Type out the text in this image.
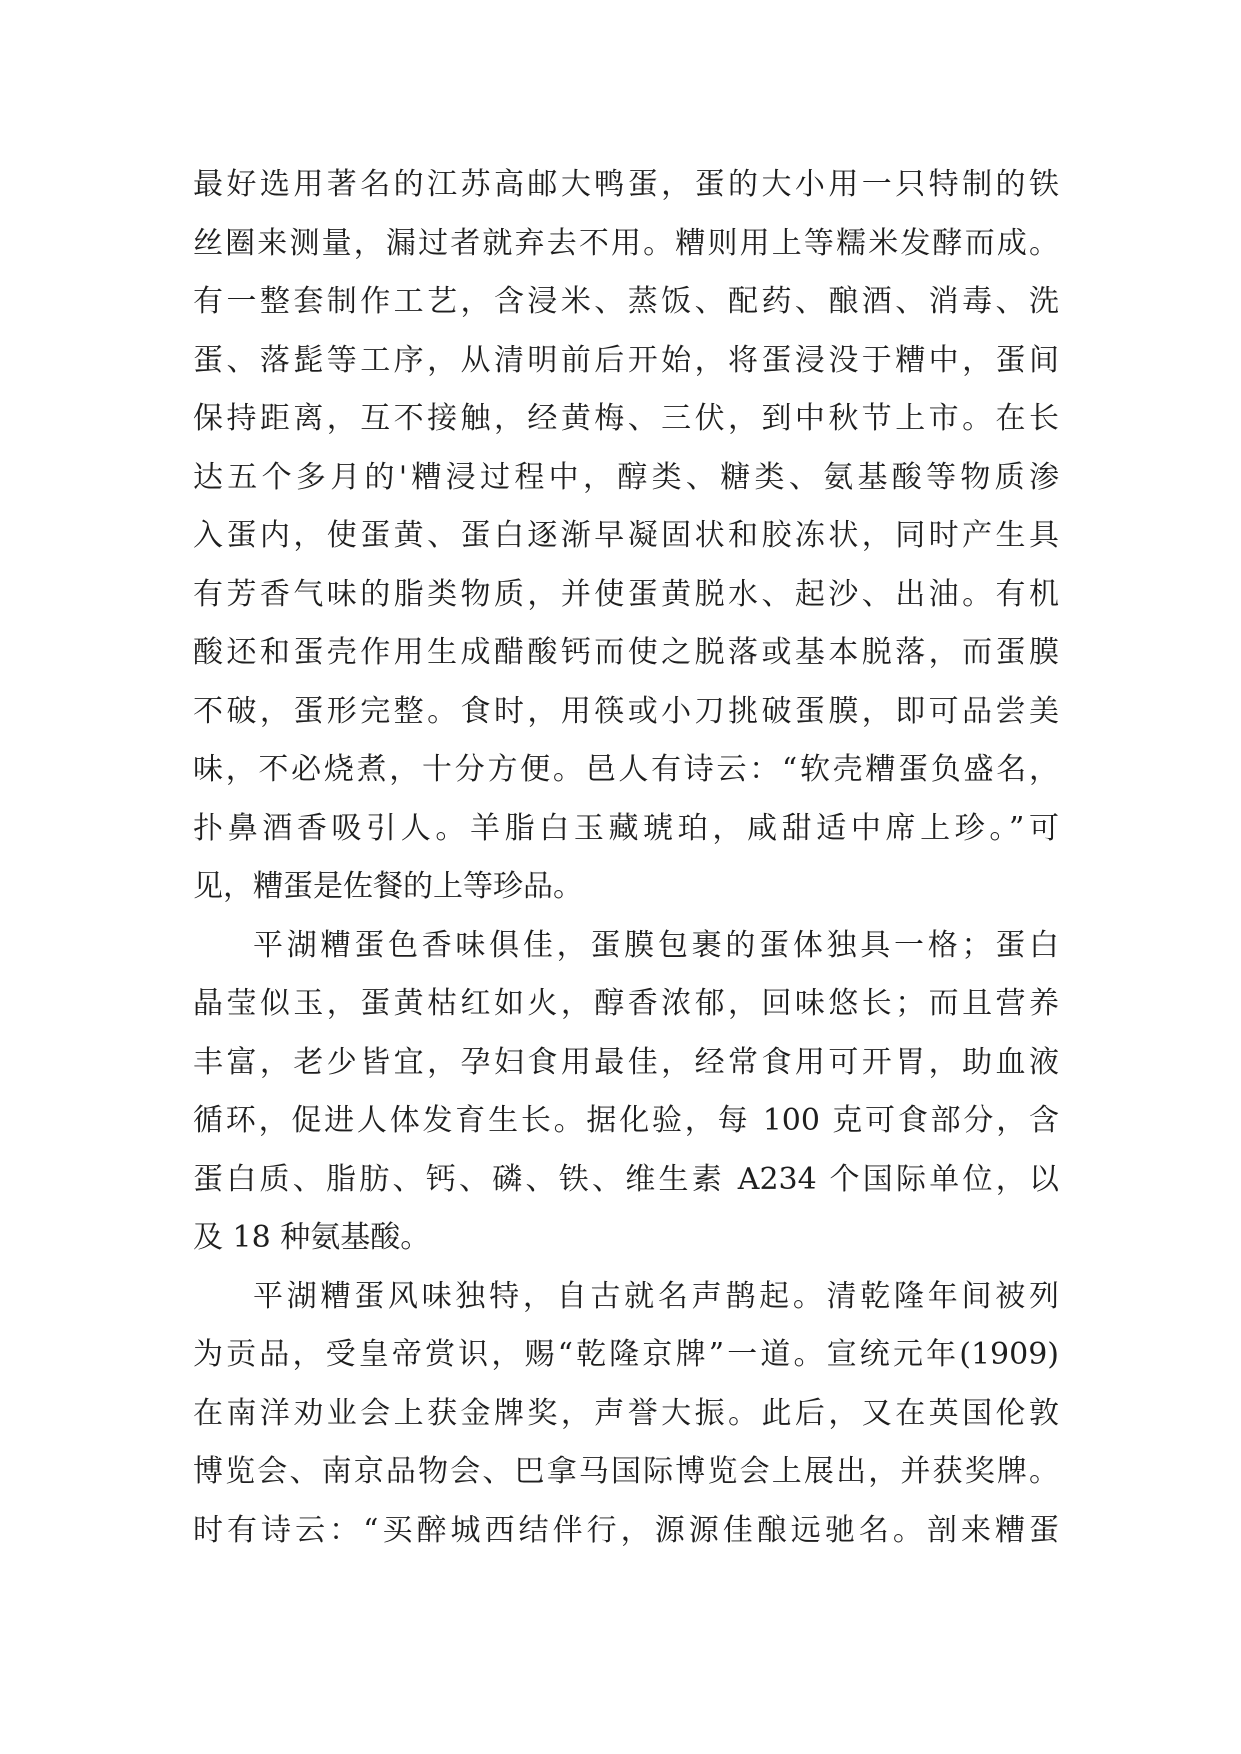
最好选用著名的江苏高邮大鸭蛋，蛋的大小用一只特制的铁
丝圈来测量，漏过者就弃去不用。糟则用上等糯米发酵而成。
有一整套制作工艺，含浸米、蒸饭、配药、酿酒、消毒、洗
蛋、落髭等工序，从清明前后开始，将蛋浸没于糟中，蛋间
保持距离，互不接触，经黄梅、三伏，到中秋节上市。在长
达五个多月的'糟浸过程中，醇类、糖类、氨基酸等物质渗
入蛋内，使蛋黄、蛋白逐渐早凝固状和胶冻状，同时产生具
有芳香气味的脂类物质，并使蛋黄脱水、起沙、出油。有机
酸还和蛋壳作用生成醋酸钙而使之脱落或基本脱落，而蛋膜
不破，蛋形完整。食时，用筷或小刀挑破蛋膜，即可品尝美
味，不必烧煮，十分方便。邑人有诗云：“软壳糟蛋负盛名，
扑鼻酒香吸引人。羊脂白玉藏琥珀，咸甜适中席上珍。”可
见，糟蛋是佐餐的上等珍品。
平湖糟蛋色香味俱佳，蛋膜包裹的蛋体独具一格；蛋白
晶莹似玉，蛋黄枯红如火，醇香浓郁，回味悠长；而且营养
丰富，老少皆宜，孕妇食用最佳，经常食用可开胃，助血液
循环，促进人体发育生长。据化验，每 100 克可食部分，含
蛋白质、脂肪、钙、磷、铁、维生素 A234 个国际单位，以
及 18 种氨基酸。
平湖糟蛋风味独特，自古就名声鹊起。清乾隆年间被列
为贡品，受皇帝赏识，赐“乾隆京牌”一道。宣统元年(1909)
在南洋劝业会上获金牌奖，声誉大振。此后，又在英国伦敦
博览会、南京品物会、巴拿马国际博览会上展出，并获奖牌。
时有诗云：“买醉城西结伴行，源源佳酿远驰名。剖来糟蛋
